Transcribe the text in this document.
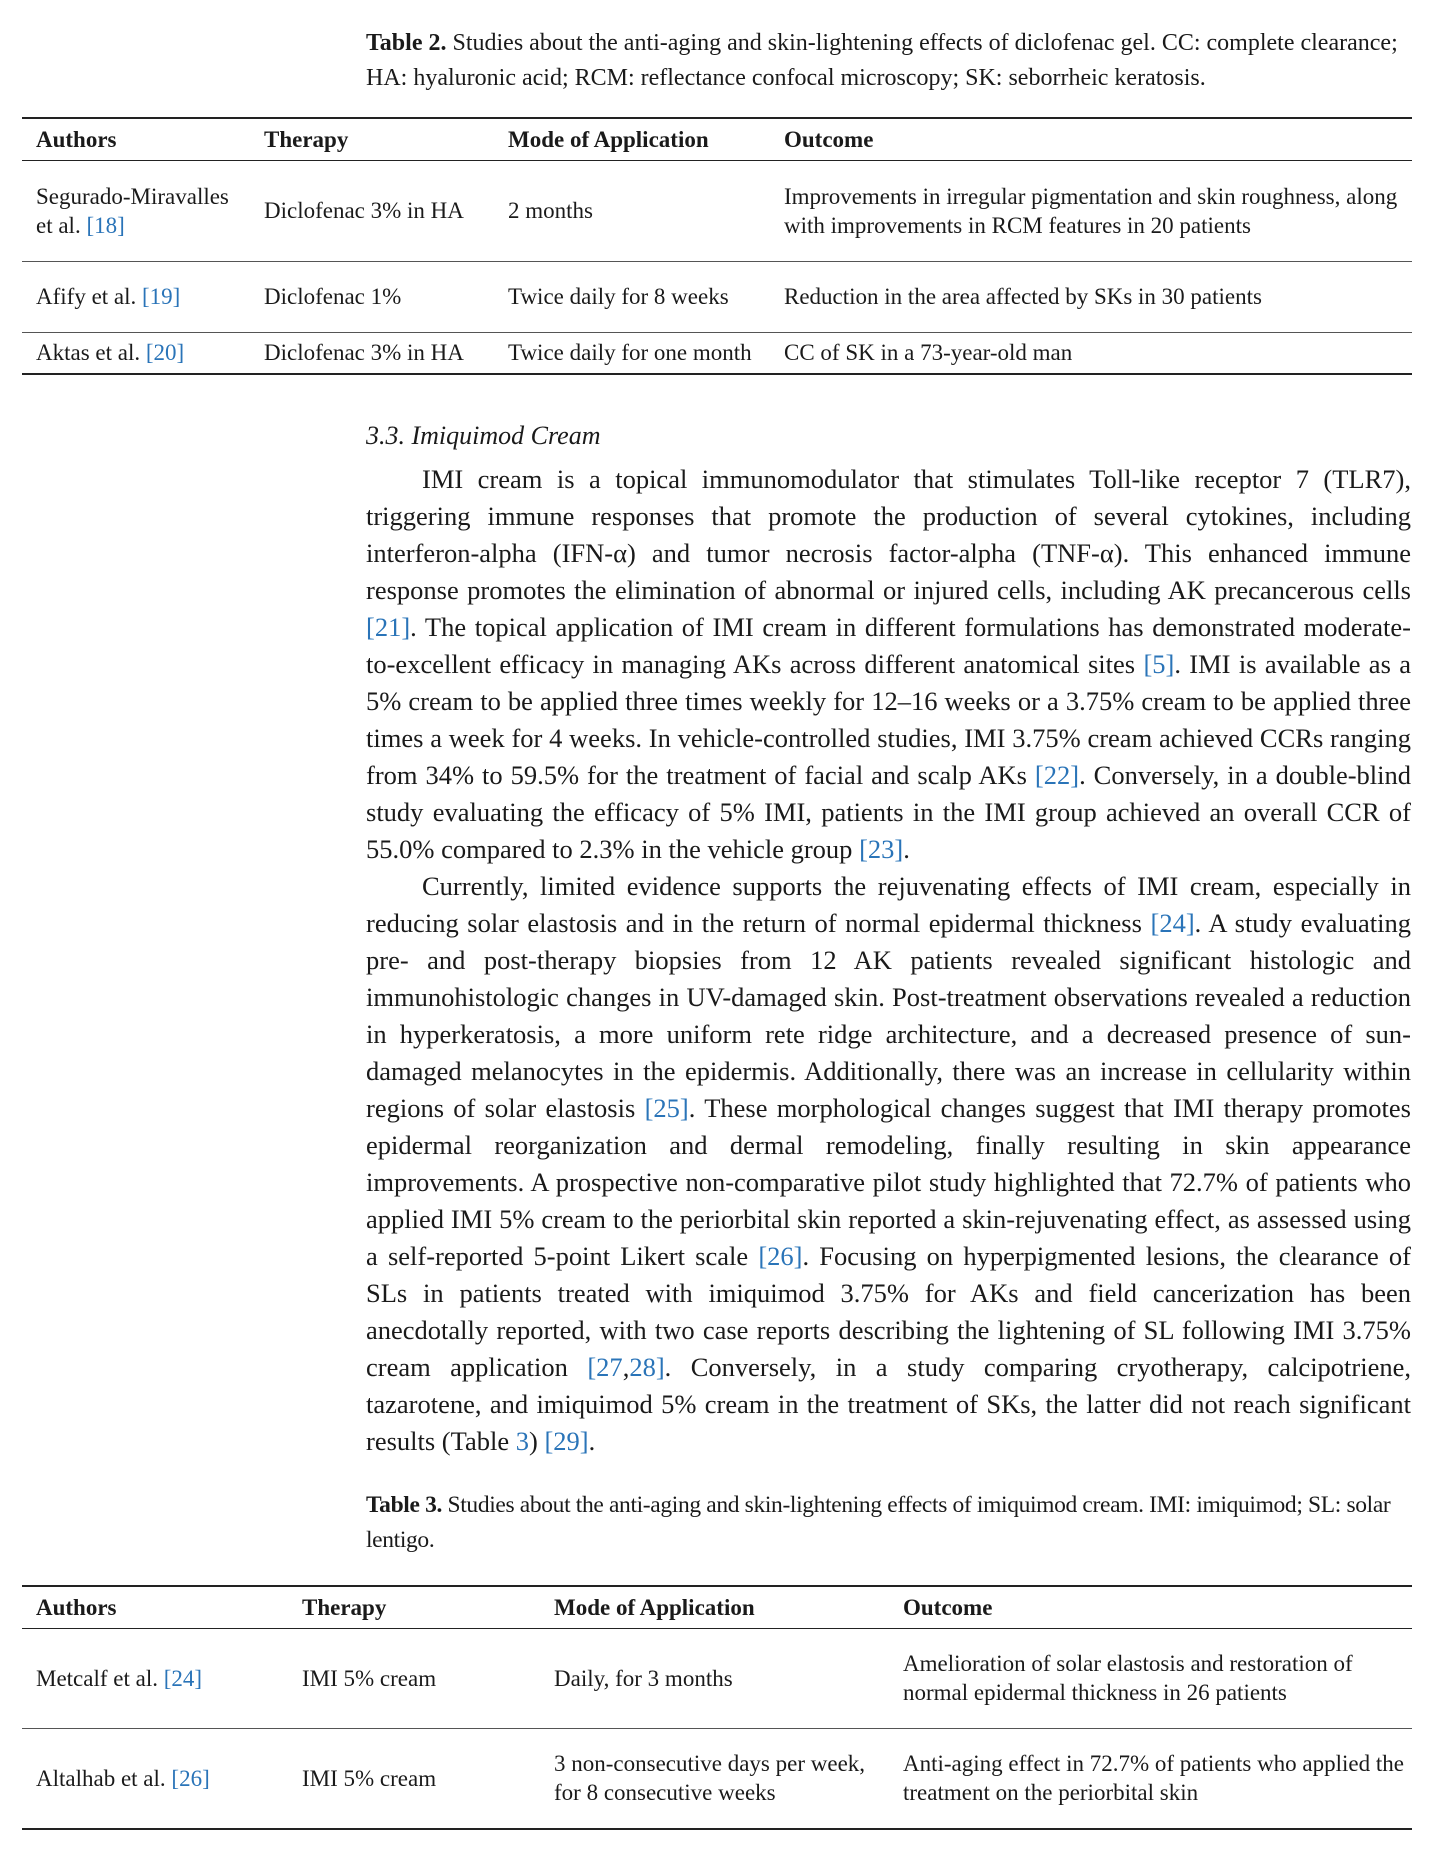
Table 2. Studies about the anti-aging and skin-lightening effects of diclofenac gel. CC: complete clearance; HA: hyaluronic acid; RCM: reflectance confocal microscopy; SK: seborrheic keratosis.

Authors	Therapy	Mode of Application	Outcome
Segurado-Miravalles et al. [18]	Diclofenac 3% in HA	2 months	Improvements in irregular pigmentation and skin roughness, along with improvements in RCM features in 20 patients
Afify et al. [19]	Diclofenac 1%	Twice daily for 8 weeks	Reduction in the area affected by SKs in 30 patients
Aktas et al. [20]	Diclofenac 3% in HA	Twice daily for one month	CC of SK in a 73-year-old man
3.3. Imiquimod Cream

IMI cream is a topical immunomodulator that stimulates Toll-like receptor 7 (TLR7), triggering immune responses that promote the production of several cytokines, including interferon-alpha (IFN-α) and tumor necrosis factor-alpha (TNF-α). This enhanced immune response promotes the elimination of abnormal or injured cells, including AK precancerous cells [21]. The topical application of IMI cream in different formulations has demonstrated moderate-to-excellent efficacy in managing AKs across different anatomical sites [5]. IMI is available as a 5% cream to be applied three times weekly for 12–16 weeks or a 3.75% cream to be applied three times a week for 4 weeks. In vehicle-controlled studies, IMI 3.75% cream achieved CCRs ranging from 34% to 59.5% for the treatment of facial and scalp AKs [22]. Conversely, in a double-blind study evaluating the efficacy of 5% IMI, patients in the IMI group achieved an overall CCR of 55.0% compared to 2.3% in the vehicle group [23].

Currently, limited evidence supports the rejuvenating effects of IMI cream, especially in reducing solar elastosis and in the return of normal epidermal thickness [24]. A study evaluating pre- and post-therapy biopsies from 12 AK patients revealed significant histologic and immunohistologic changes in UV-damaged skin. Post-treatment observations revealed a reduction in hyperkeratosis, a more uniform rete ridge architecture, and a decreased presence of sun-damaged melanocytes in the epidermis. Additionally, there was an increase in cellularity within regions of solar elastosis [25]. These morphological changes suggest that IMI therapy promotes epidermal reorganization and dermal remodeling, finally resulting in skin appearance improvements. A prospective non-comparative pilot study highlighted that 72.7% of patients who applied IMI 5% cream to the periorbital skin reported a skin-rejuvenating effect, as assessed using a self-reported 5-point Likert scale [26]. Focusing on hyperpigmented lesions, the clearance of SLs in patients treated with imiquimod 3.75% for AKs and field cancerization has been anecdotally reported, with two case reports describing the lightening of SL following IMI 3.75% cream application [27,28]. Conversely, in a study comparing cryotherapy, calcipotriene, tazarotene, and imiquimod 5% cream in the treatment of SKs, the latter did not reach significant results (Table 3) [29].

Table 3. Studies about the anti-aging and skin-lightening effects of imiquimod cream. IMI: imiquimod; SL: solar lentigo.

Authors	Therapy	Mode of Application	Outcome
Metcalf et al. [24]	IMI 5% cream	Daily, for 3 months	Amelioration of solar elastosis and restoration of normal epidermal thickness in 26 patients
Altalhab et al. [26]	IMI 5% cream	3 non-consecutive days per week, for 8 consecutive weeks	Anti-aging effect in 72.7% of patients who applied the treatment on the periorbital skin
